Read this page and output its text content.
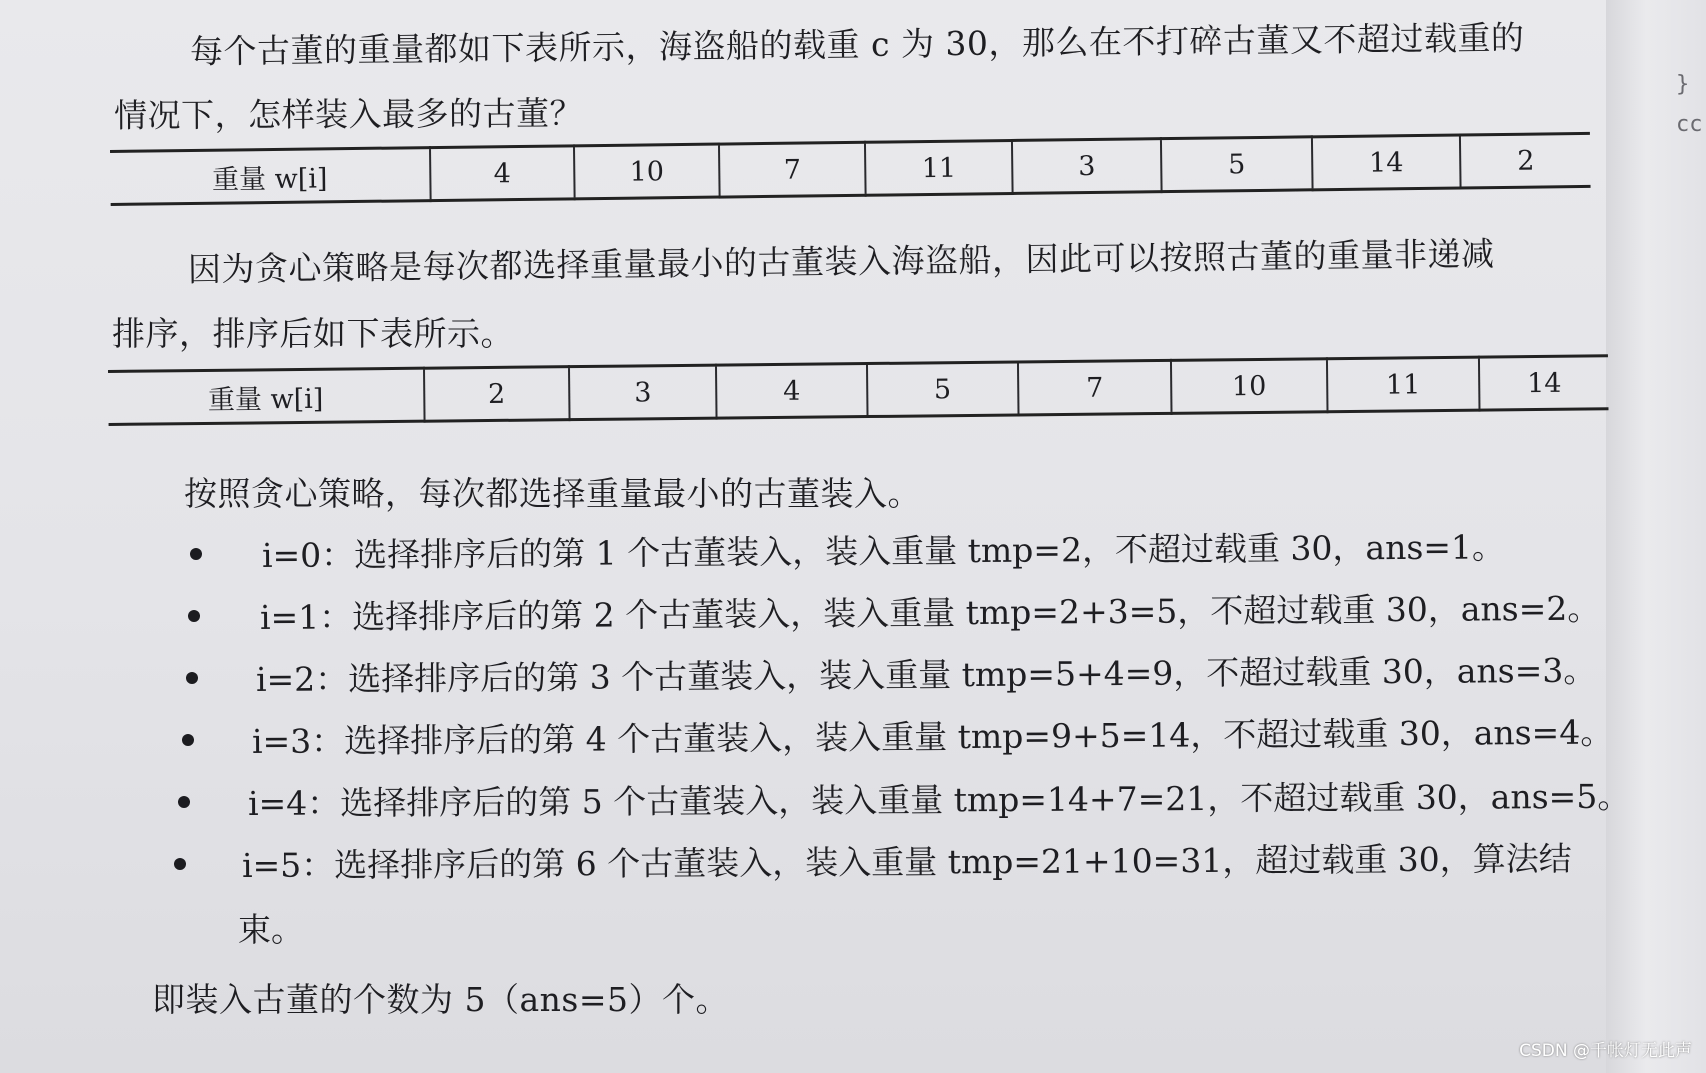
}
cc
每个古董的重量都如下表所示，海盗船的载重 c 为 30，那么在不打碎古董又不超过载重的
情况下，怎样装入最多的古董？
重量 w[i]	4	10	7	11	3	5	14	2
因为贪心策略是每次都选择重量最小的古董装入海盗船，因此可以按照古董的重量非递减
排序，排序后如下表所示。
重量 w[i]	2	3	4	5	7	10	11	14
按照贪心策略，每次都选择重量最小的古董装入。
i=0：选择排序后的第 1 个古董装入，装入重量 tmp=2，不超过载重 30，ans=1。
i=1：选择排序后的第 2 个古董装入，装入重量 tmp=2+3=5，不超过载重 30，ans=2。
i=2：选择排序后的第 3 个古董装入，装入重量 tmp=5+4=9，不超过载重 30，ans=3。
i=3：选择排序后的第 4 个古董装入，装入重量 tmp=9+5=14，不超过载重 30，ans=4。
i=4：选择排序后的第 5 个古董装入，装入重量 tmp=14+7=21，不超过载重 30，ans=5。
i=5：选择排序后的第 6 个古董装入，装入重量 tmp=21+10=31，超过载重 30，算法结
束。
即装入古董的个数为 5（ans=5）个。
CSDN @千帐灯无此声
